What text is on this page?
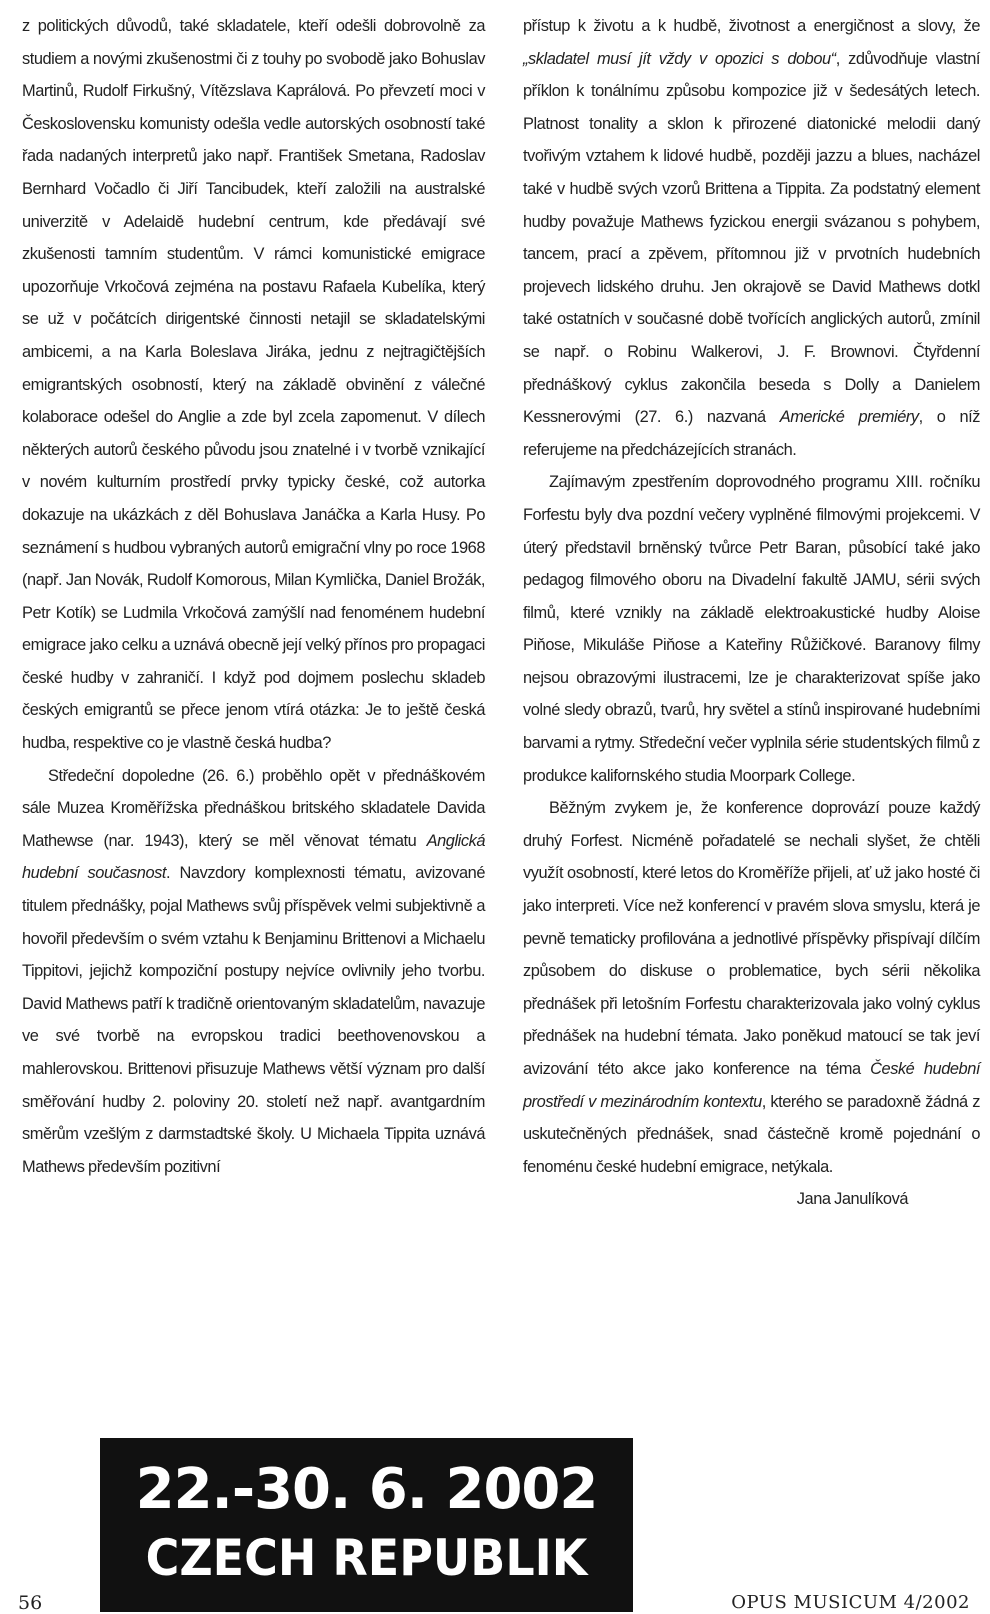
z politických důvodů, také skladatele, kteří odešli dobrovolně za studiem a novými zkušenostmi či z touhy po svobodě jako Bohuslav Martinů, Rudolf Firkušný, Vítězslava Kaprálová. Po převzetí moci v Československu komunisty odešla vedle autorských osobností také řada nadaných interpretů jako např. František Smetana, Radoslav Bernhard Vočadlo či Jiří Tancibudek, kteří založili na australské univerzitě v Adelaidě hudební centrum, kde předávají své zkušenosti tamním studentům. V rámci komunistické emigrace upozorňuje Vrkočová zejména na postavu Rafaela Kubelíka, který se už v počátcích dirigentské činnosti netajil se skladatelskými ambicemi, a na Karla Boleslava Jiráka, jednu z nejtragičtějších emigrantských osobností, který na základě obvinění z válečné kolaborace odešel do Anglie a zde byl zcela zapomenut. V dílech některých autorů českého původu jsou znatelné i v tvorbě vznikající v novém kulturním prostředí prvky typicky české, což autorka dokazuje na ukázkách z děl Bohuslava Janáčka a Karla Husy. Po seznámení s hudbou vybraných autorů emigrační vlny po roce 1968 (např. Jan Novák, Rudolf Komorous, Milan Kymlička, Daniel Brožák, Petr Kotík) se Ludmila Vrkočová zamýšlí nad fenoménem hudební emigrace jako celku a uznává obecně její velký přínos pro propagaci české hudby v zahraničí. I když pod dojmem poslechu skladeb českých emigrantů se přece jenom vtírá otázka: Je to ještě česká hudba, respektive co je vlastně česká hudba?

Středeční dopoledne (26. 6.) proběhlo opět v přednáškovém sále Muzea Kroměřížska přednáškou britského skladatele Davida Mathewse (nar. 1943), který se měl věnovat tématu Anglická hudební současnost. Navzdory komplexnosti tématu, avizované titulem přednášky, pojal Mathews svůj příspěvek velmi subjektivně a hovořil především o svém vztahu k Benjaminu Brittenovi a Michaelu Tippitovi, jejichž kompoziční postupy nejvíce ovlivnily jeho tvorbu. David Mathews patří k tradičně orientovaným skladatelům, navazuje ve své tvorbě na evropskou tradici beethovenovskou a mahlerovskou. Brittenovi přisuzuje Mathews větší význam pro další směřování hudby 2. poloviny 20. století než např. avantgardním směrům vzešlým z darmstadtské školy. U Michaela Tippita uznává Mathews především pozitivní

přístup k životu a k hudbě, životnost a energičnost a slovy, že „skladatel musí jít vždy v opozici s dobou“, zdůvodňuje vlastní příklon k tonálnímu způsobu kompozice již v šedesátých letech. Platnost tonality a sklon k přirozené diatonické melodii daný tvořivým vztahem k lidové hudbě, později jazzu a blues, nacházel také v hudbě svých vzorů Brittena a Tippita. Za podstatný element hudby považuje Mathews fyzickou energii svázanou s pohybem, tancem, prací a zpěvem, přítomnou již v prvotních hudebních projevech lidského druhu. Jen okrajově se David Mathews dotkl také ostatních v současné době tvořících anglických autorů, zmínil se např. o Robinu Walkerovi, J. F. Brownovi. Čtyřdenní přednáškový cyklus zakončila beseda s Dolly a Danielem Kessnerovými (27. 6.) nazvaná Americké premiéry, o níž referujeme na předcházejících stranách.

Zajímavým zpestřením doprovodného programu XIII. ročníku Forfestu byly dva pozdní večery vyplněné filmovými projekcemi. V úterý představil brněnský tvůrce Petr Baran, působící také jako pedagog filmového oboru na Divadelní fakultě JAMU, sérii svých filmů, které vznikly na základě elektroakustické hudby Aloise Piňose, Mikuláše Piňose a Kateřiny Růžičkové. Baranovy filmy nejsou obrazovými ilustracemi, lze je charakterizovat spíše jako volné sledy obrazů, tvarů, hry světel a stínů inspirované hudebními barvami a rytmy. Středeční večer vyplnila série studentských filmů z produkce kalifornského studia Moorpark College.

Běžným zvykem je, že konference doprovází pouze každý druhý Forfest. Nicméně pořadatelé se nechali slyšet, že chtěli využít osobností, které letos do Kroměříže přijeli, ať už jako hosté či jako interpreti. Více než konferencí v pravém slova smyslu, která je pevně tematicky profilována a jednotlivé příspěvky přispívají dílčím způsobem do diskuse o problematice, bych sérii několika přednášek při letošním Forfestu charakterizovala jako volný cyklus přednášek na hudební témata. Jako poněkud matoucí se tak jeví avizování této akce jako konference na téma České hudební prostředí v mezinárodním kontextu, kterého se paradoxně žádná z uskutečněných přednášek, snad částečně kromě pojednání o fenoménu české hudební emigrace, netýkala.

Jana Janulíková

22.-30. 6. 2002
CZECH REPUBLIK
56	OPUS MUSICUM 4/2002
